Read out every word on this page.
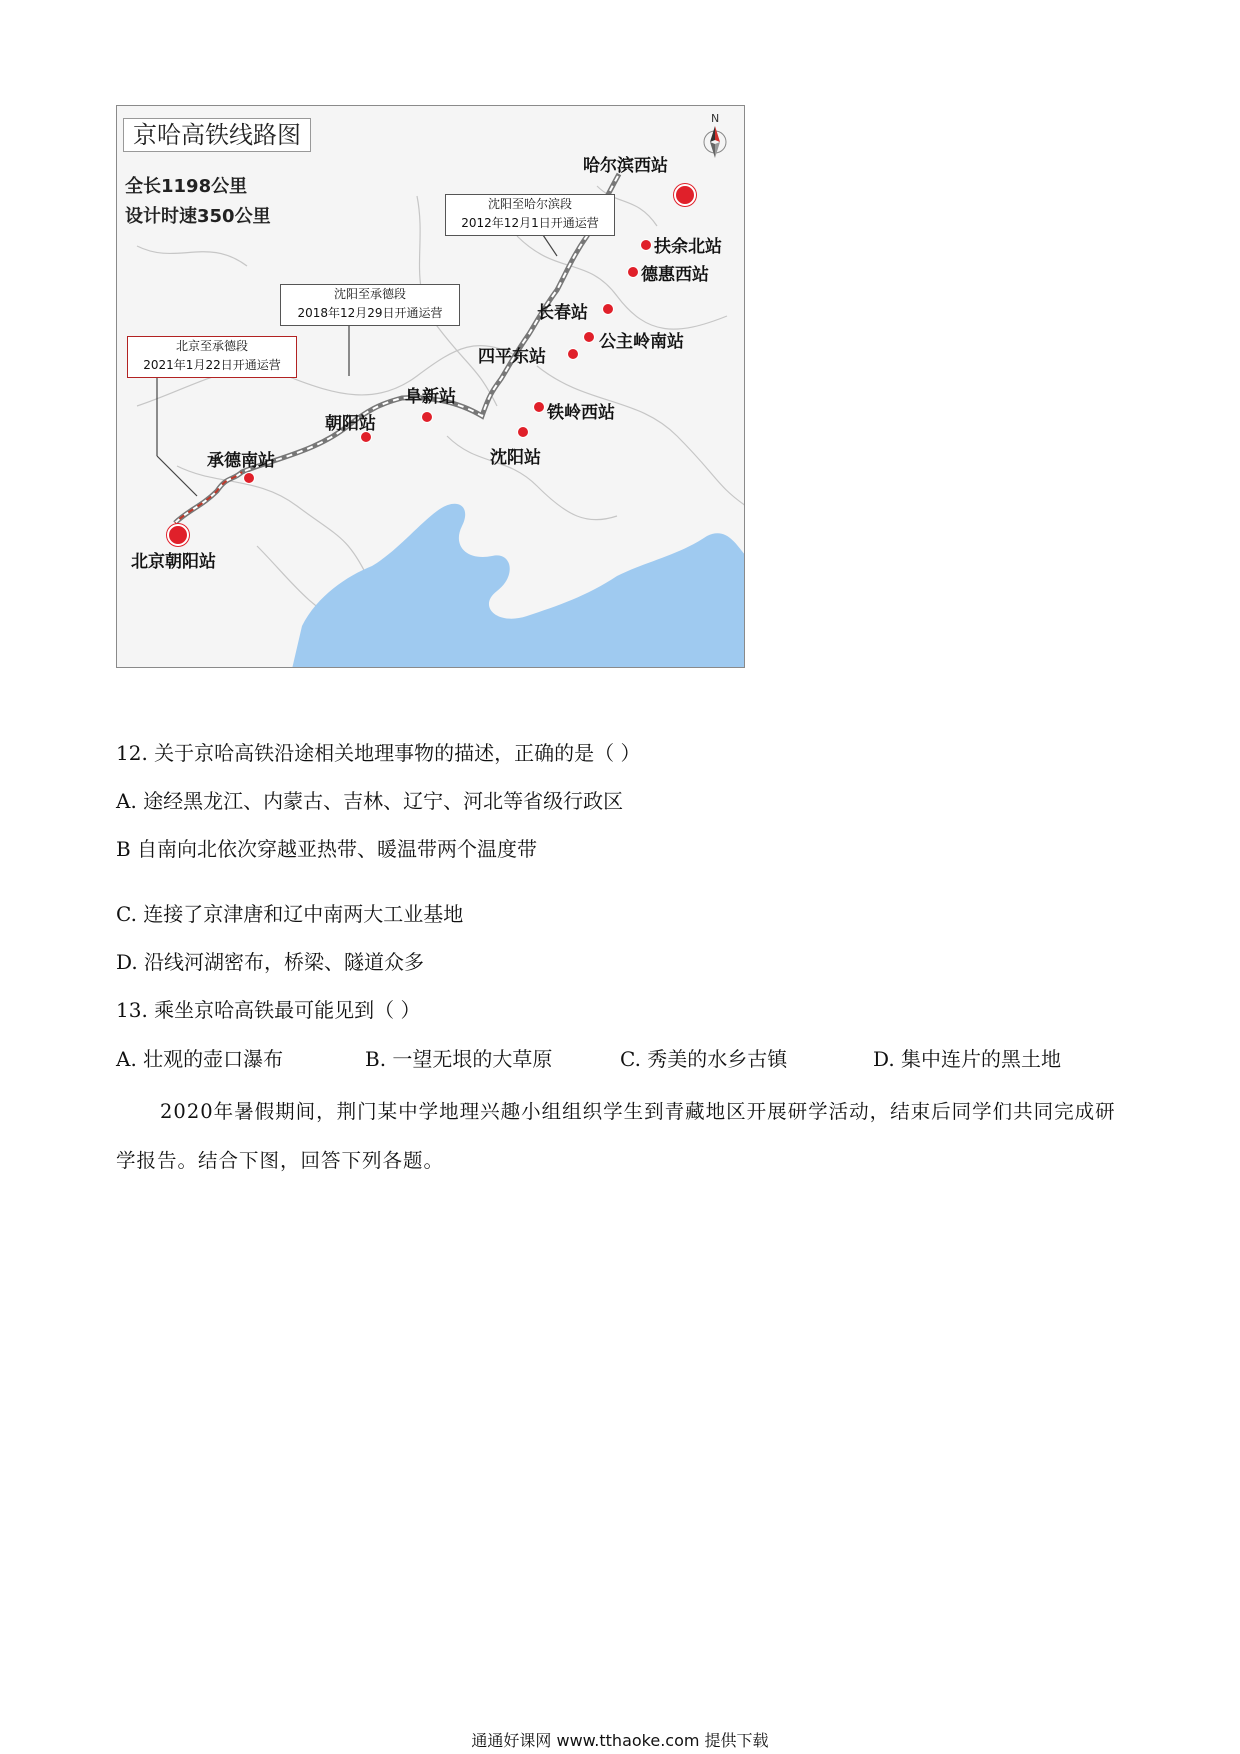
京哈高铁线路图
全长1198公里
设计时速350公里
N
沈阳至哈尔滨段
2012年12月1日开通运营
沈阳至承德段
2018年12月29日开通运营
北京至承德段
2021年1月22日开通运营
哈尔滨西站
扶余北站
德惠西站
长春站
公主岭南站
四平东站
铁岭西站
沈阳站
阜新站
朝阳站
承德南站
北京朝阳站
12. 关于京哈高铁沿途相关地理事物的描述，正确的是（ ）
A. 途经黑龙江、内蒙古、吉林、辽宁、河北等省级行政区
B 自南向北依次穿越亚热带、暖温带两个温度带
C. 连接了京津唐和辽中南两大工业基地
D. 沿线河湖密布，桥梁、隧道众多
13. 乘坐京哈高铁最可能见到（ ）
A. 壮观的壶口瀑布	B. 一望无垠的大草原	C. 秀美的水乡古镇	D. 集中连片的黑土地
2020年暑假期间，荆门某中学地理兴趣小组组织学生到青藏地区开展研学活动，结束后同学们共同完成研学报告。结合下图，回答下列各题。
通通好课网 www.tthaoke.com 提供下载
